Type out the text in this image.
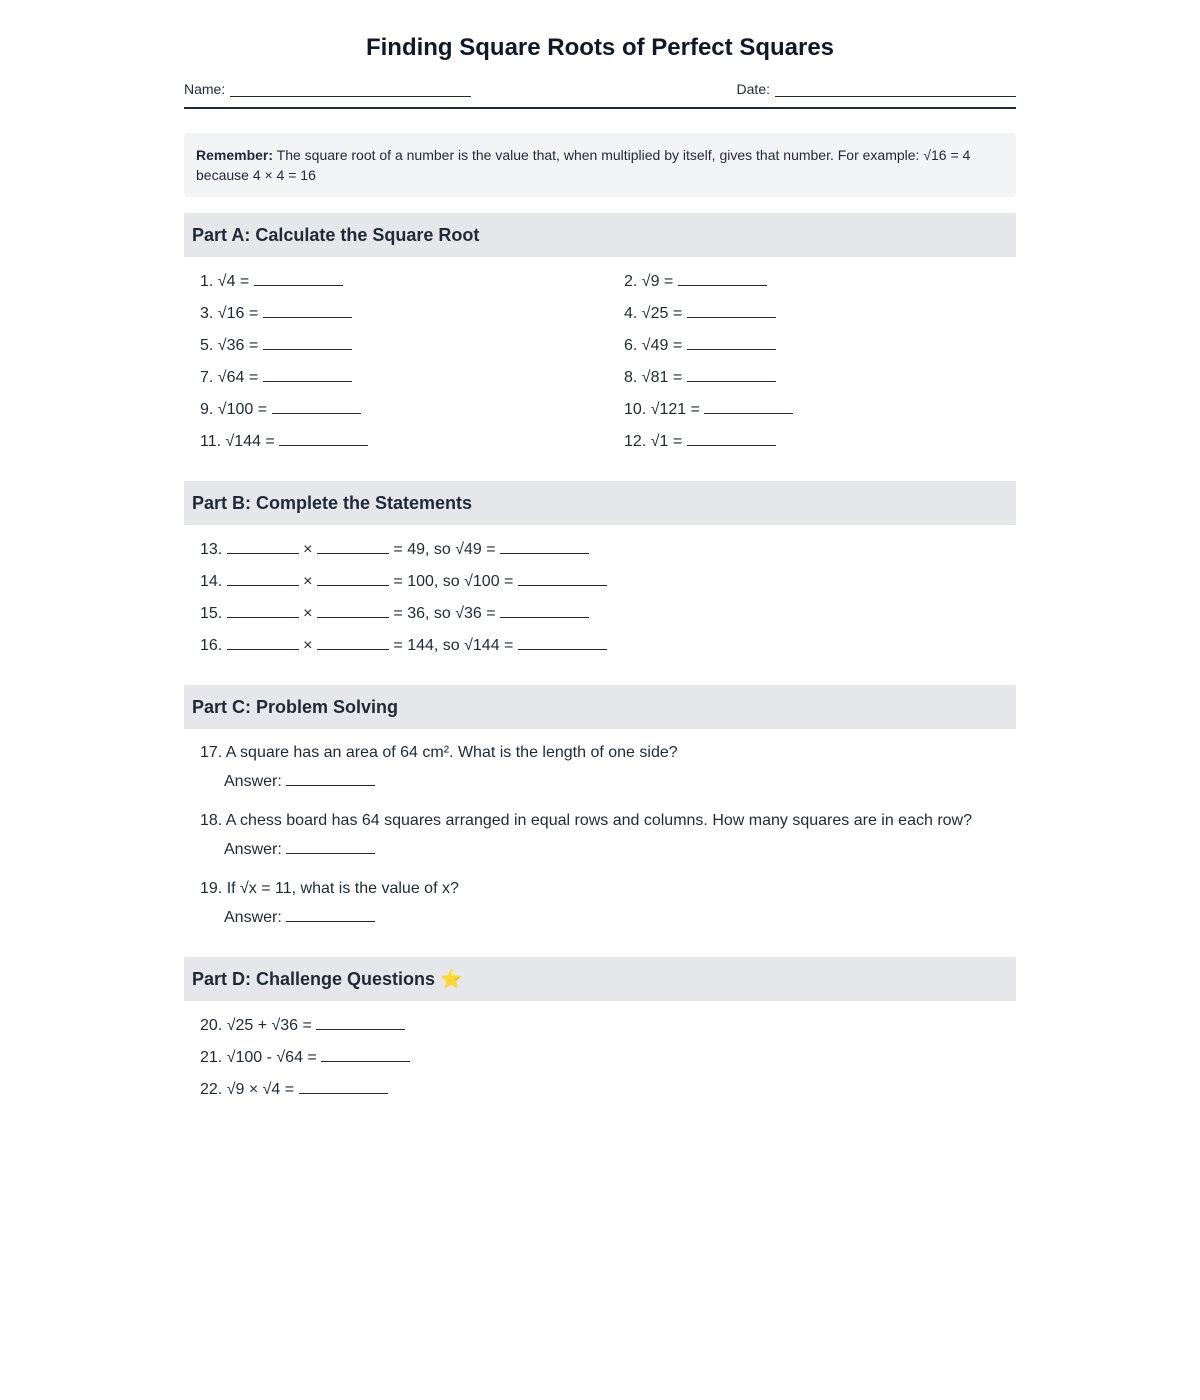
Finding Square Roots of Perfect Squares
Name:	Date:
Remember: The square root of a number is the value that, when multiplied by itself, gives that number. For example: √16 = 4 because 4 × 4 = 16
Part A: Calculate the Square Root
1. √4 =	2. √9 =
3. √16 =	4. √25 =
5. √36 =	6. √49 =
7. √64 =	8. √81 =
9. √100 =	10. √121 =
11. √144 =	12. √1 =
Part B: Complete the Statements
13.	×	= 49, so √49 =
14.	×	= 100, so √100 =
15.	×	= 36, so √36 =
16.	×	= 144, so √144 =
Part C: Problem Solving
17. A square has an area of 64 cm². What is the length of one side?
Answer:
18. A chess board has 64 squares arranged in equal rows and columns. How many squares are in each row?
Answer:
19. If √x = 11, what is the value of x?
Answer:
Part D: Challenge Questions ⭐
20. √25 + √36 =
21. √100 - √64 =
22. √9 × √4 =
